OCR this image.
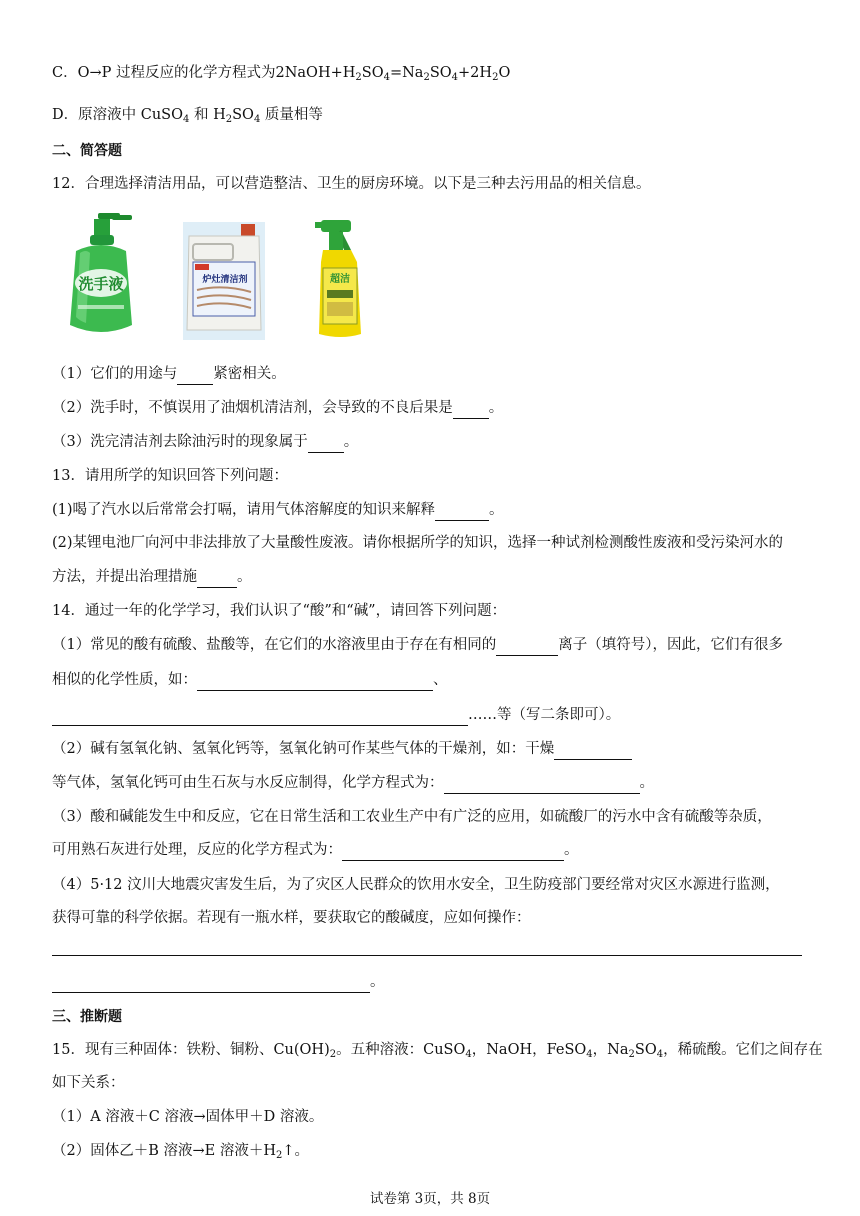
C．O→P 过程反应的化学方程式为$2NaOH+H_2SO_4=Na_2SO_4+2H_2O$
D．原溶液中 CuSO$_4$ 和 $H_2SO_4$ 质量相等
二、简答题
12．合理选择清洁用品，可以营造整洁、卫生的厨房环境。以下是三种去污用品的相关信息。
洗手液	炉灶清洁剂	超洁
（1）它们的用途与 紧密相关。
（2）洗手时，不慎误用了油烟机清洁剂，会导致的不良后果是 。
（3）洗完清洁剂去除油污时的现象属于 。
13．请用所学的知识回答下列问题：
(1)喝了汽水以后常常会打嗝，请用气体溶解度的知识来解释	。
(2)某锂电池厂向河中非法排放了大量酸性废液。请你根据所学的知识，选择一种试剂检测酸性废液和受污染河水的
方法，并提出治理措施	。
14．通过一年的化学学习，我们认识了“酸”和“碱”，请回答下列问题：
（1）常见的酸有硫酸、盐酸等，在它们的水溶液里由于存在有相同的	离子（填符号），因此，它们有很多
相似的化学性质，如：	、
……等（写二条即可）。
（2）碱有氢氧化钠、氢氧化钙等，氢氧化钠可作某些气体的干燥剂，如：干燥
等气体，氢氧化钙可由生石灰与水反应制得，化学方程式为：	。
（3）酸和碱能发生中和反应，它在日常生活和工农业生产中有广泛的应用，如硫酸厂的污水中含有硫酸等杂质，
可用熟石灰进行处理，反应的化学方程式为：	。
（4）5·12 汶川大地震灾害发生后，为了灾区人民群众的饮用水安全，卫生防疫部门要经常对灾区水源进行监测，
获得可靠的科学依据。若现有一瓶水样，要获取它的酸碱度，应如何操作：
。
三、推断题
15．现有三种固体：铁粉、铜粉、$Cu(OH)_2$。五种溶液：CuSO$_4$，NaOH，FeSO$_4$，$Na_2SO_4$，稀硫酸。它们之间存在
如下关系：
（1）A 溶液＋C 溶液→固体甲＋D 溶液。
（2）固体乙＋B 溶液→E 溶液$+H_2↑$。
试卷第 3页，共 8页
